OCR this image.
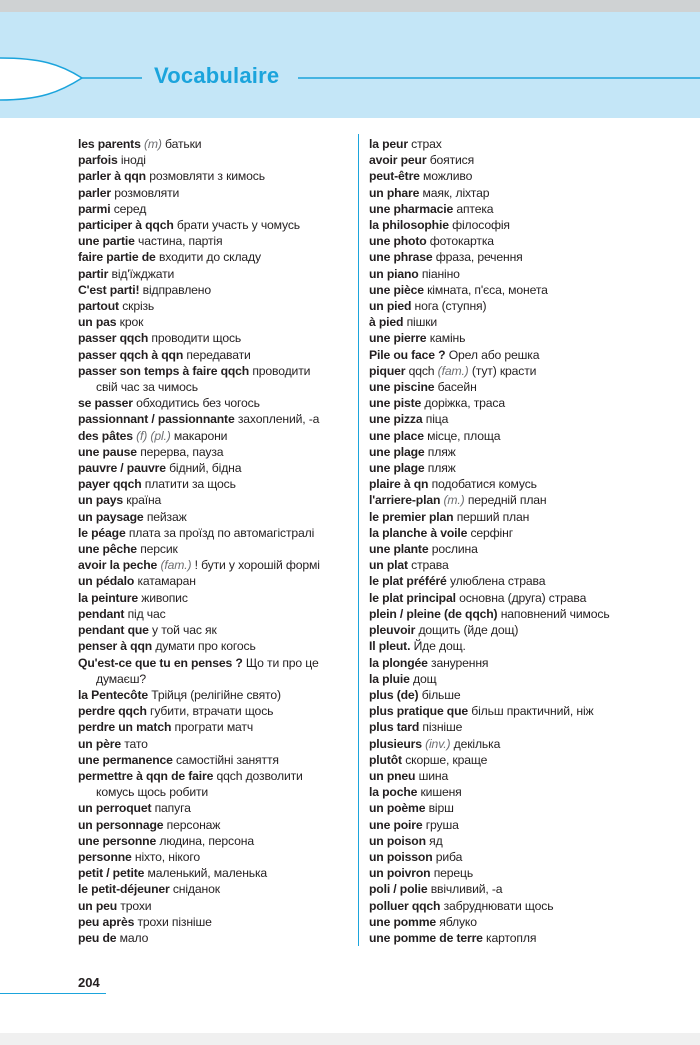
Vocabulaire
les parents (m) батьки
parfois іноді
parler à qqn розмовляти з кимось
parler розмовляти
parmi серед
participer à qqch брати участь у чомусь
une partie частина, партія
faire partie de входити до складу
partir від'їжджати
C'est parti! відправлено
partout скрізь
un pas крок
passer qqch проводити щось
passer qqch à qqn передавати
passer son temps à faire qqch проводити
свій час за чимось
se passer обходитись без чогось
passionnant / passionnante захоплений, -а
des pâtes (f) (pl.) макарони
une pause перерва, пауза
pauvre / pauvre бідний, бідна
payer qqch платити за щось
un pays країна
un paysage пейзаж
le péage плата за проїзд по автомагістралі
une pêche персик
avoir la peche (fam.) ! бути у хорошій формі
un pédalo катамаран
la peinture живопис
pendant під час
pendant que у той час як
penser à qqn думати про когось
Qu'est-ce que tu en penses ? Що ти про це
думаєш?
la Pentecôte Трійця (релігійне свято)
perdre qqch губити, втрачати щось
perdre un match програти матч
un père тато
une permanence самостійні заняття
permettre à qqn de faire qqch дозволити
комусь щось робити
un perroquet папуга
un personnage персонаж
une personne людина, персона
personne ніхто, нікого
petit / petite маленький, маленька
le petit-déjeuner сніданок
un peu трохи
peu après трохи пізніше
peu de мало
la peur страх
avoir peur боятися
peut-être можливо
un phare маяк, ліхтар
une pharmacie аптека
la philosophie філософія
une photo фотокартка
une phrase фраза, речення
un piano піаніно
une pièce кімната, п'єса, монета
un pied нога (ступня)
à pied пішки
une pierre камінь
Pile ou face ? Орел або решка
piquer qqch (fam.) (тут) красти
une piscine басейн
une piste доріжка, траса
une pizza піца
une place місце, площа
une plage пляж
une plage пляж
plaire à qn подобатися комусь
l'arriere-plan (m.) передній план
le premier plan перший план
la planche à voile серфінг
une plante рослина
un plat страва
le plat préféré улюблена страва
le plat principal основна (друга) страва
plein / pleine (de qqch) наповнений чимось
pleuvoir дощить (йде дощ)
Il pleut. Йде дощ.
la plongée занурення
la pluie дощ
plus (de) більше
plus pratique que більш практичний, ніж
plus tard пізніше
plusieurs (inv.) декілька
plutôt скорше, краще
un pneu шина
la poche кишеня
un poème вірш
une poire груша
un poison яд
un poisson риба
un poivron перець
poli / polie ввічливий, -а
polluer qqch забруднювати щось
une pomme яблуко
une pomme de terre картопля
204
